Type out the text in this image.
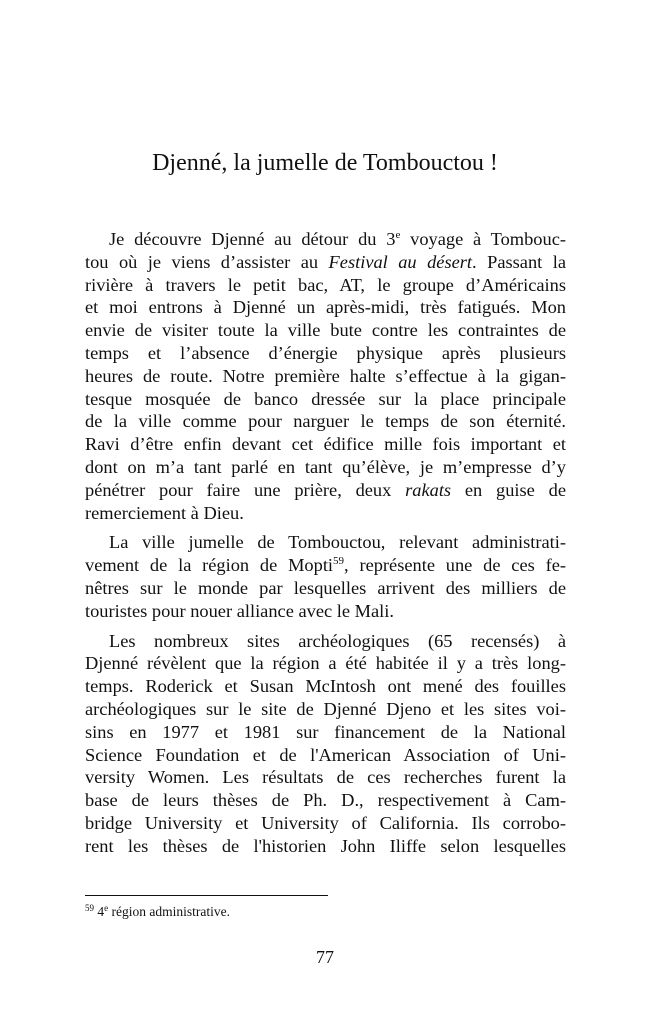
Djenné, la jumelle de Tombouctou !
Je découvre Djenné au détour du 3e voyage à Tombouc-
tou où je viens d’assister au Festival au désert. Passant la
rivière à travers le petit bac, AT, le groupe d’Américains
et moi entrons à Djenné un après-midi, très fatigués. Mon
envie de visiter toute la ville bute contre les contraintes de
temps et l’absence d’énergie physique après plusieurs
heures de route. Notre première halte s’effectue à la gigan-
tesque mosquée de banco dressée sur la place principale
de la ville comme pour narguer le temps de son éternité.
Ravi d’être enfin devant cet édifice mille fois important et
dont on m’a tant parlé en tant qu’élève, je m’empresse d’y
pénétrer pour faire une prière, deux rakats en guise de
remerciement à Dieu.
La ville jumelle de Tombouctou, relevant administrati-
vement de la région de Mopti$^{59}$, représente une de ces fe-
nêtres sur le monde par lesquelles arrivent des milliers de
touristes pour nouer alliance avec le Mali.
Les nombreux sites archéologiques (65 recensés) à
Djenné révèlent que la région a été habitée il y a très long-
temps. Roderick et Susan McIntosh ont mené des fouilles
archéologiques sur le site de Djenné Djeno et les sites voi-
sins en 1977 et 1981 sur financement de la National
Science Foundation et de l'American Association of Uni-
versity Women. Les résultats de ces recherches furent la
base de leurs thèses de Ph. D., respectivement à Cam-
bridge University et University of California. Ils corrobo-
rent les thèses de l'historien John Iliffe selon lesquelles
$^{59}$ 4e région administrative.
77
